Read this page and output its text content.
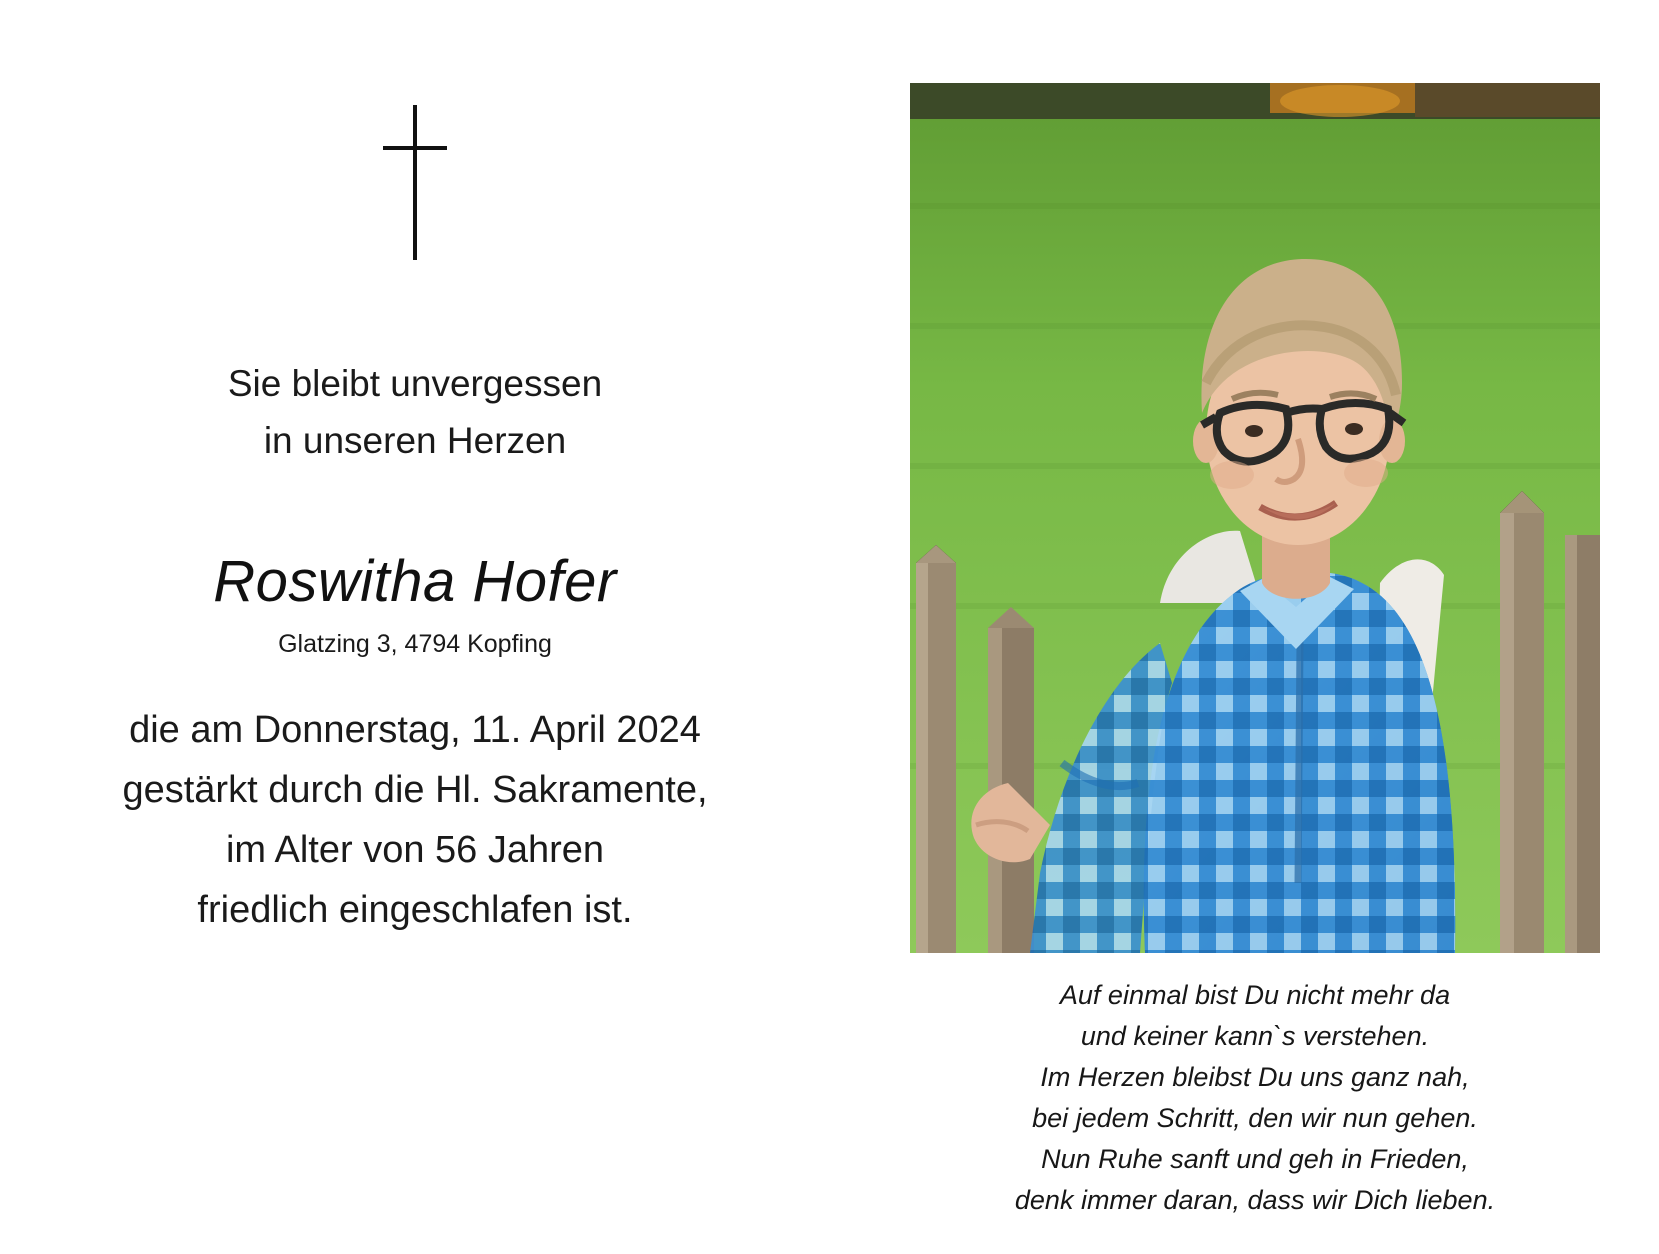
Sie bleibt unvergessen
in unseren Herzen
Roswitha Hofer
Glatzing 3, 4794 Kopfing
die am Donnerstag, 11. April 2024
gestärkt durch die Hl. Sakramente,
im Alter von 56 Jahren
friedlich eingeschlafen ist.
Auf einmal bist Du nicht mehr da
und keiner kann`s verstehen.
Im Herzen bleibst Du uns ganz nah,
bei jedem Schritt, den wir nun gehen.
Nun Ruhe sanft und geh in Frieden,
denk immer daran, dass wir Dich lieben.
